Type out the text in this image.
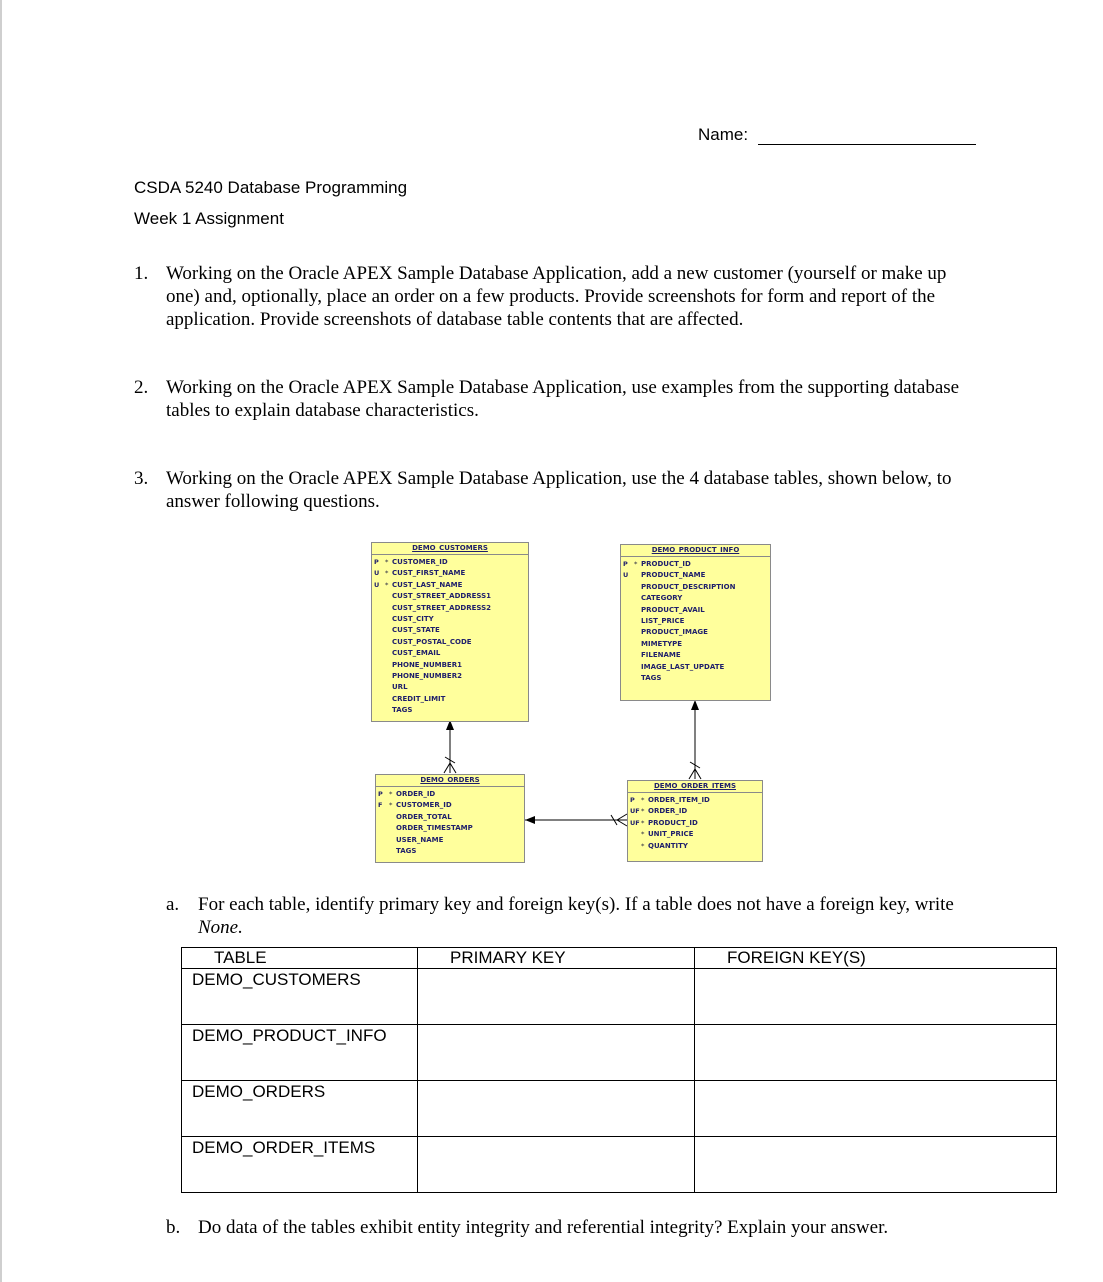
Name:
CSDA 5240 Database Programming
Week 1 Assignment
1. Working on the Oracle APEX Sample Database Application, add a new customer (yourself or make up one) and, optionally, place an order on a few products. Provide screenshots for form and report of the application. Provide screenshots of database table contents that are affected.
2. Working on the Oracle APEX Sample Database Application, use examples from the supporting database tables to explain database characteristics.
3. Working on the Oracle APEX Sample Database Application, use the 4 database tables, shown below, to answer following questions.
DEMO_CUSTOMERS
P * CUSTOMER_ID
U * CUST_FIRST_NAME
U * CUST_LAST_NAME
CUST_STREET_ADDRESS1
CUST_STREET_ADDRESS2
CUST_CITY
CUST_STATE
CUST_POSTAL_CODE
CUST_EMAIL
PHONE_NUMBER1
PHONE_NUMBER2
URL
CREDIT_LIMIT
TAGS
DEMO_PRODUCT_INFO
P * PRODUCT_ID
U PRODUCT_NAME
PRODUCT_DESCRIPTION
CATEGORY
PRODUCT_AVAIL
LIST_PRICE
PRODUCT_IMAGE
MIMETYPE
FILENAME
IMAGE_LAST_UPDATE
TAGS
DEMO_ORDERS
P * ORDER_ID
F * CUSTOMER_ID
ORDER_TOTAL
ORDER_TIMESTAMP
USER_NAME
TAGS
DEMO_ORDER_ITEMS
P * ORDER_ITEM_ID
UF * ORDER_ID
UF * PRODUCT_ID
* UNIT_PRICE
* QUANTITY
a. For each table, identify primary key and foreign key(s). If a table does not have a foreign key, write
None.
TABLE	PRIMARY KEY	FOREIGN KEY(S)

DEMO_CUSTOMERS		

DEMO_PRODUCT_INFO		

DEMO_ORDERS		

DEMO_ORDER_ITEMS		

b. Do data of the tables exhibit entity integrity and referential integrity? Explain your answer.
